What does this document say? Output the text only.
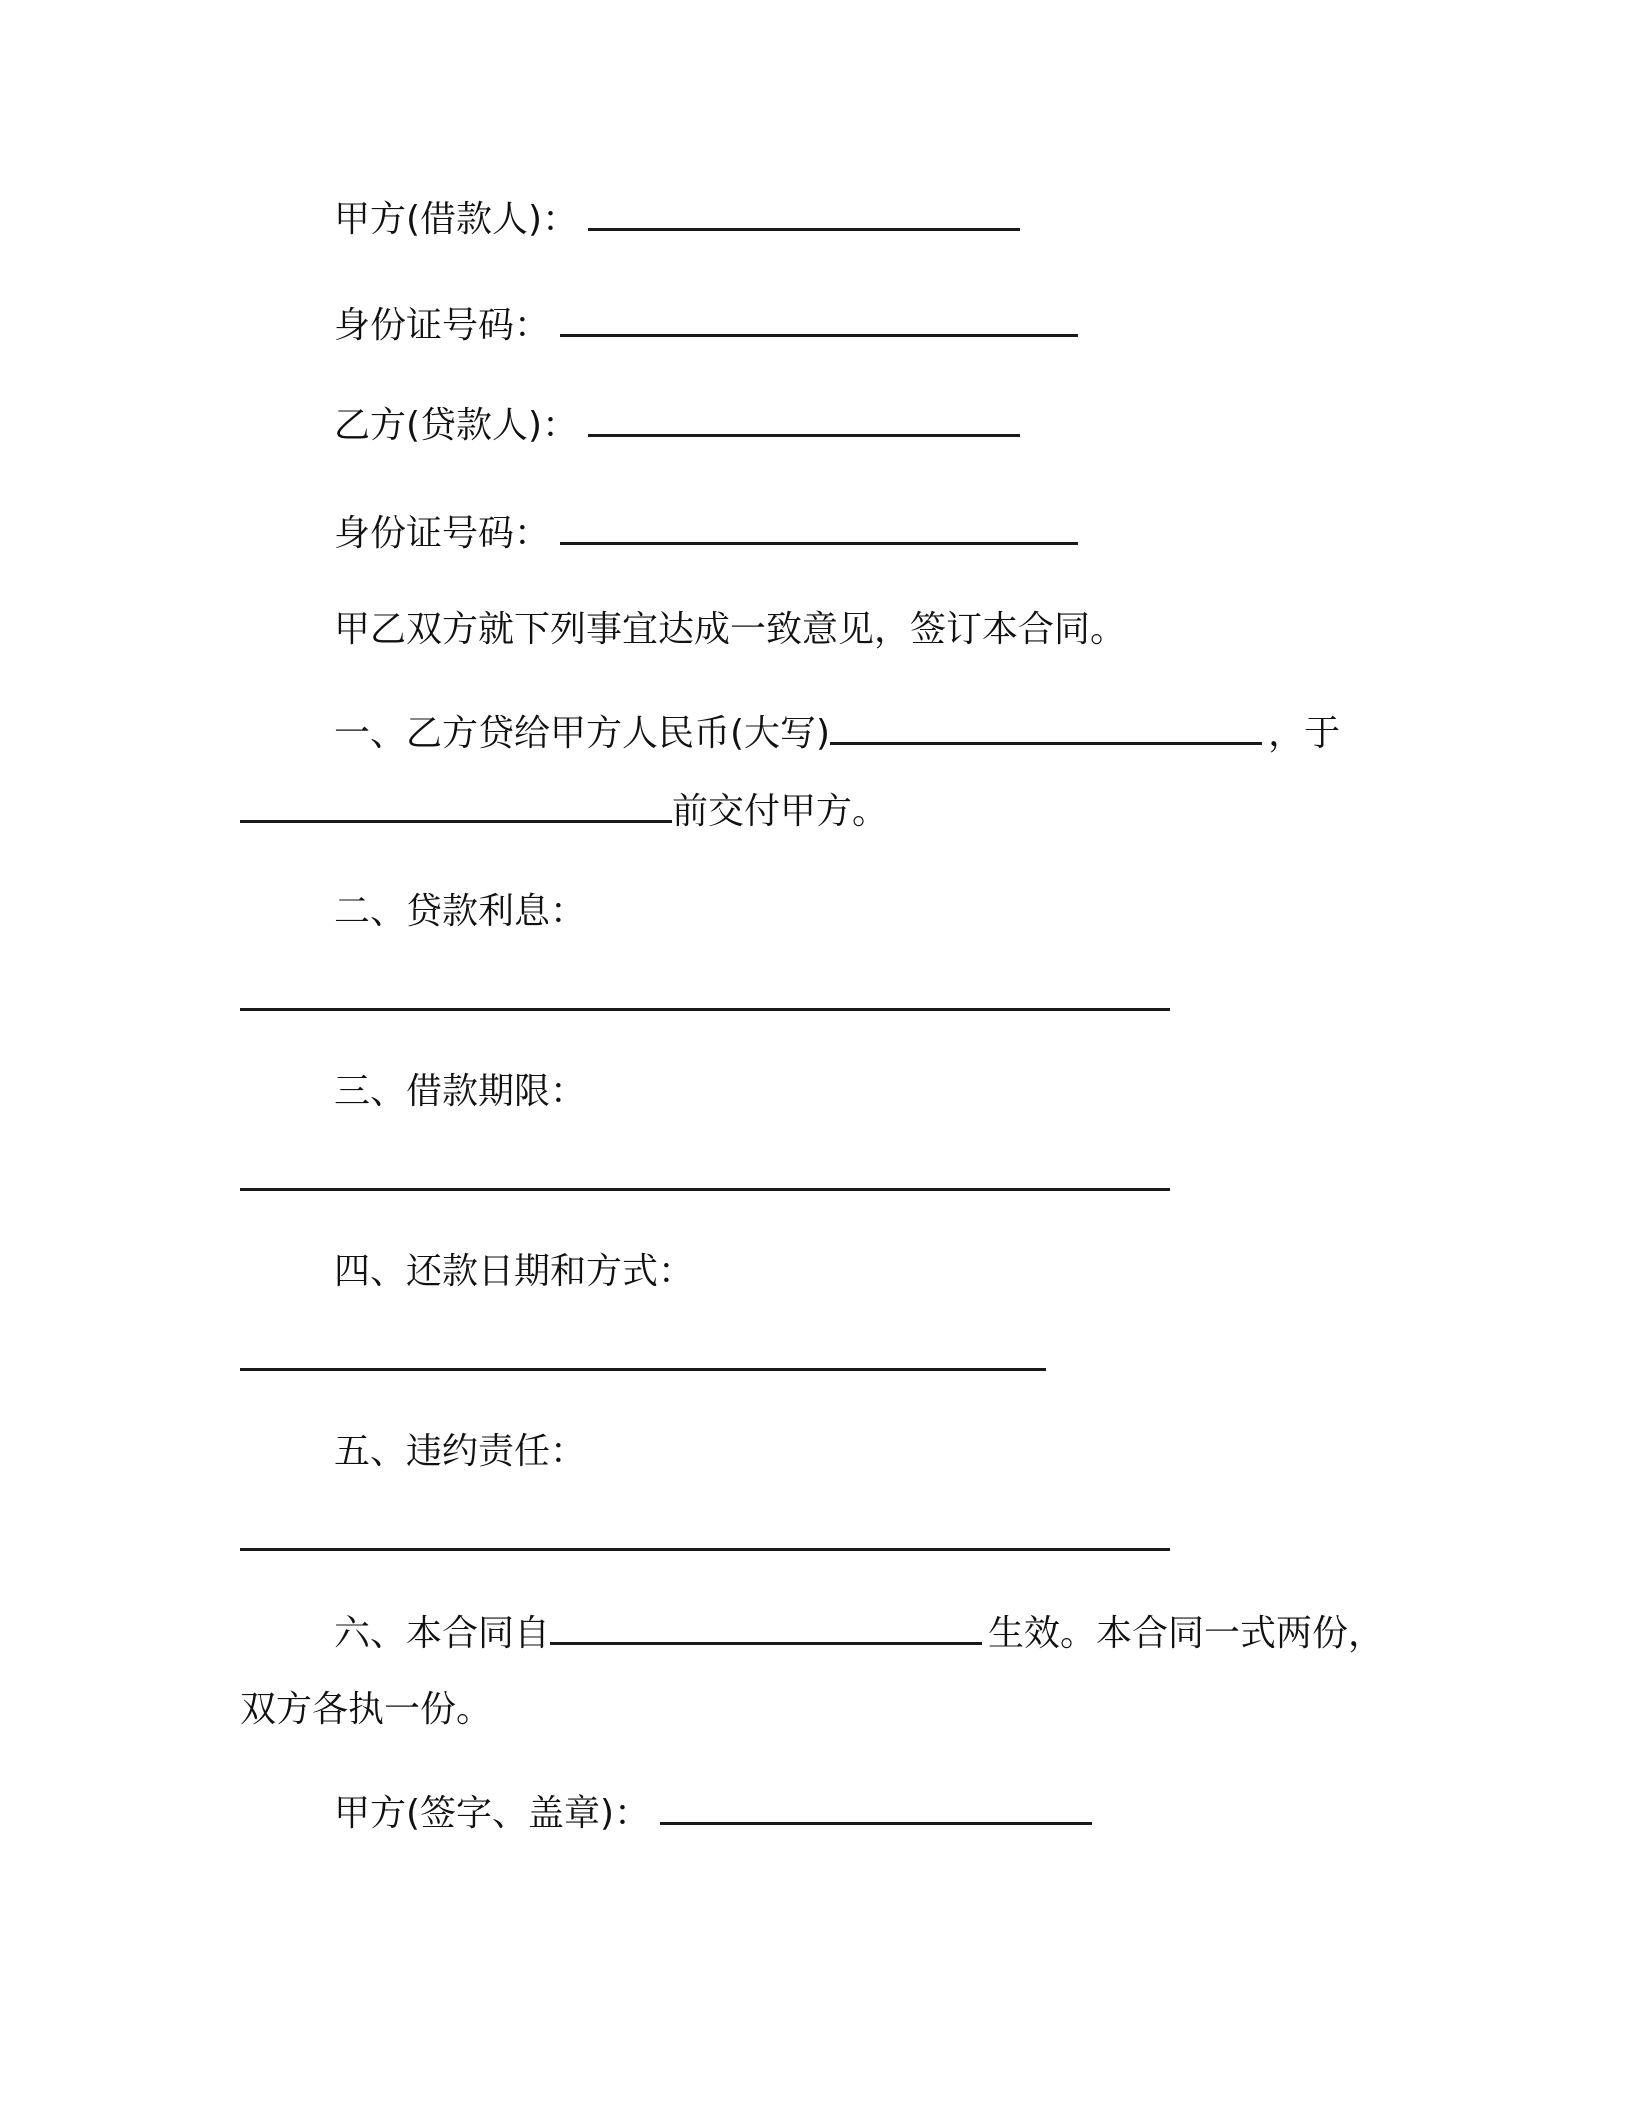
甲方(借款人)：
身份证号码：
乙方(贷款人)：
身份证号码：
甲乙双方就下列事宜达成一致意见，签订本合同。
一、乙方贷给甲方人民币(大写)	，于
前交付甲方。
二、贷款利息：
三、借款期限：
四、还款日期和方式：
五、违约责任：
六、本合同自	生效。本合同一式两份，
双方各执一份。
甲方(签字、盖章)：
